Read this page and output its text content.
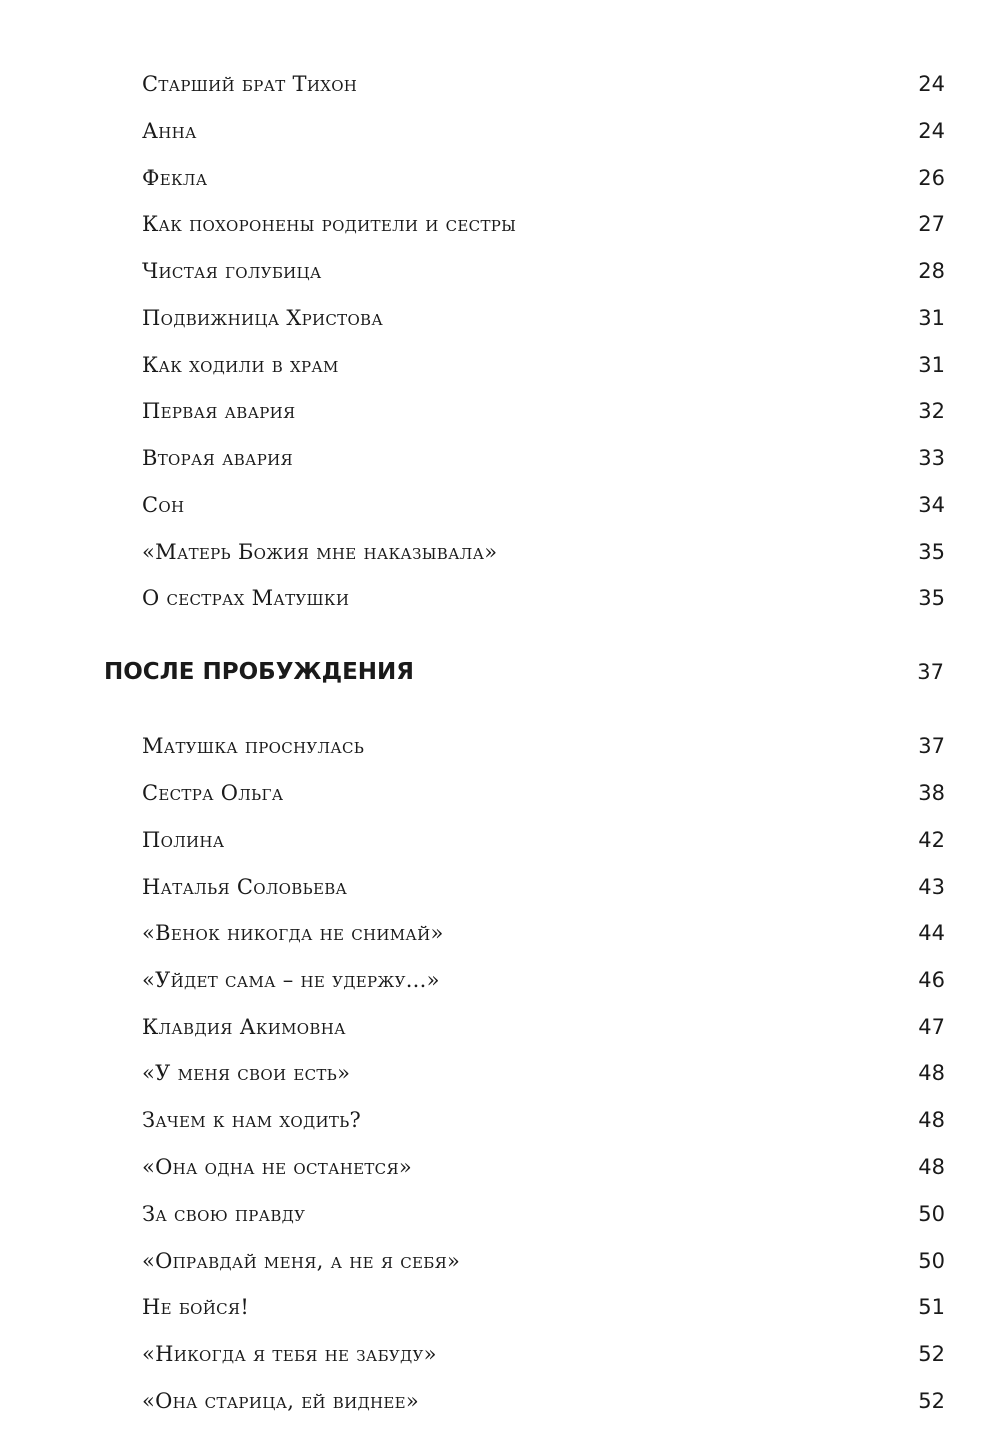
Старший брат Тихон	24
Анна	24
Фекла	26
Как похоронены родители и сестры	27
Чистая голубица	28
Подвижница Христова	31
Как ходили в храм	31
Первая авария	32
Вторая авария	33
Сон	34
«Матерь Божия мне наказывала»	35
О сестрах Матушки	35
ПОСЛЕ ПРОБУЖДЕНИЯ	37
Матушка проснулась	37
Сестра Ольга	38
Полина	42
Наталья Соловьева	43
«Венок никогда не снимай»	44
«Уйдет сама – не удержу...»	46
Клавдия Акимовна	47
«У меня свои есть»	48
Зачем к нам ходить?	48
«Она одна не останется»	48
За свою правду	50
«Оправдай меня, а не я себя»	50
Не бойся!	51
«Никогда я тебя не забуду»	52
«Она старица, ей виднее»	52
